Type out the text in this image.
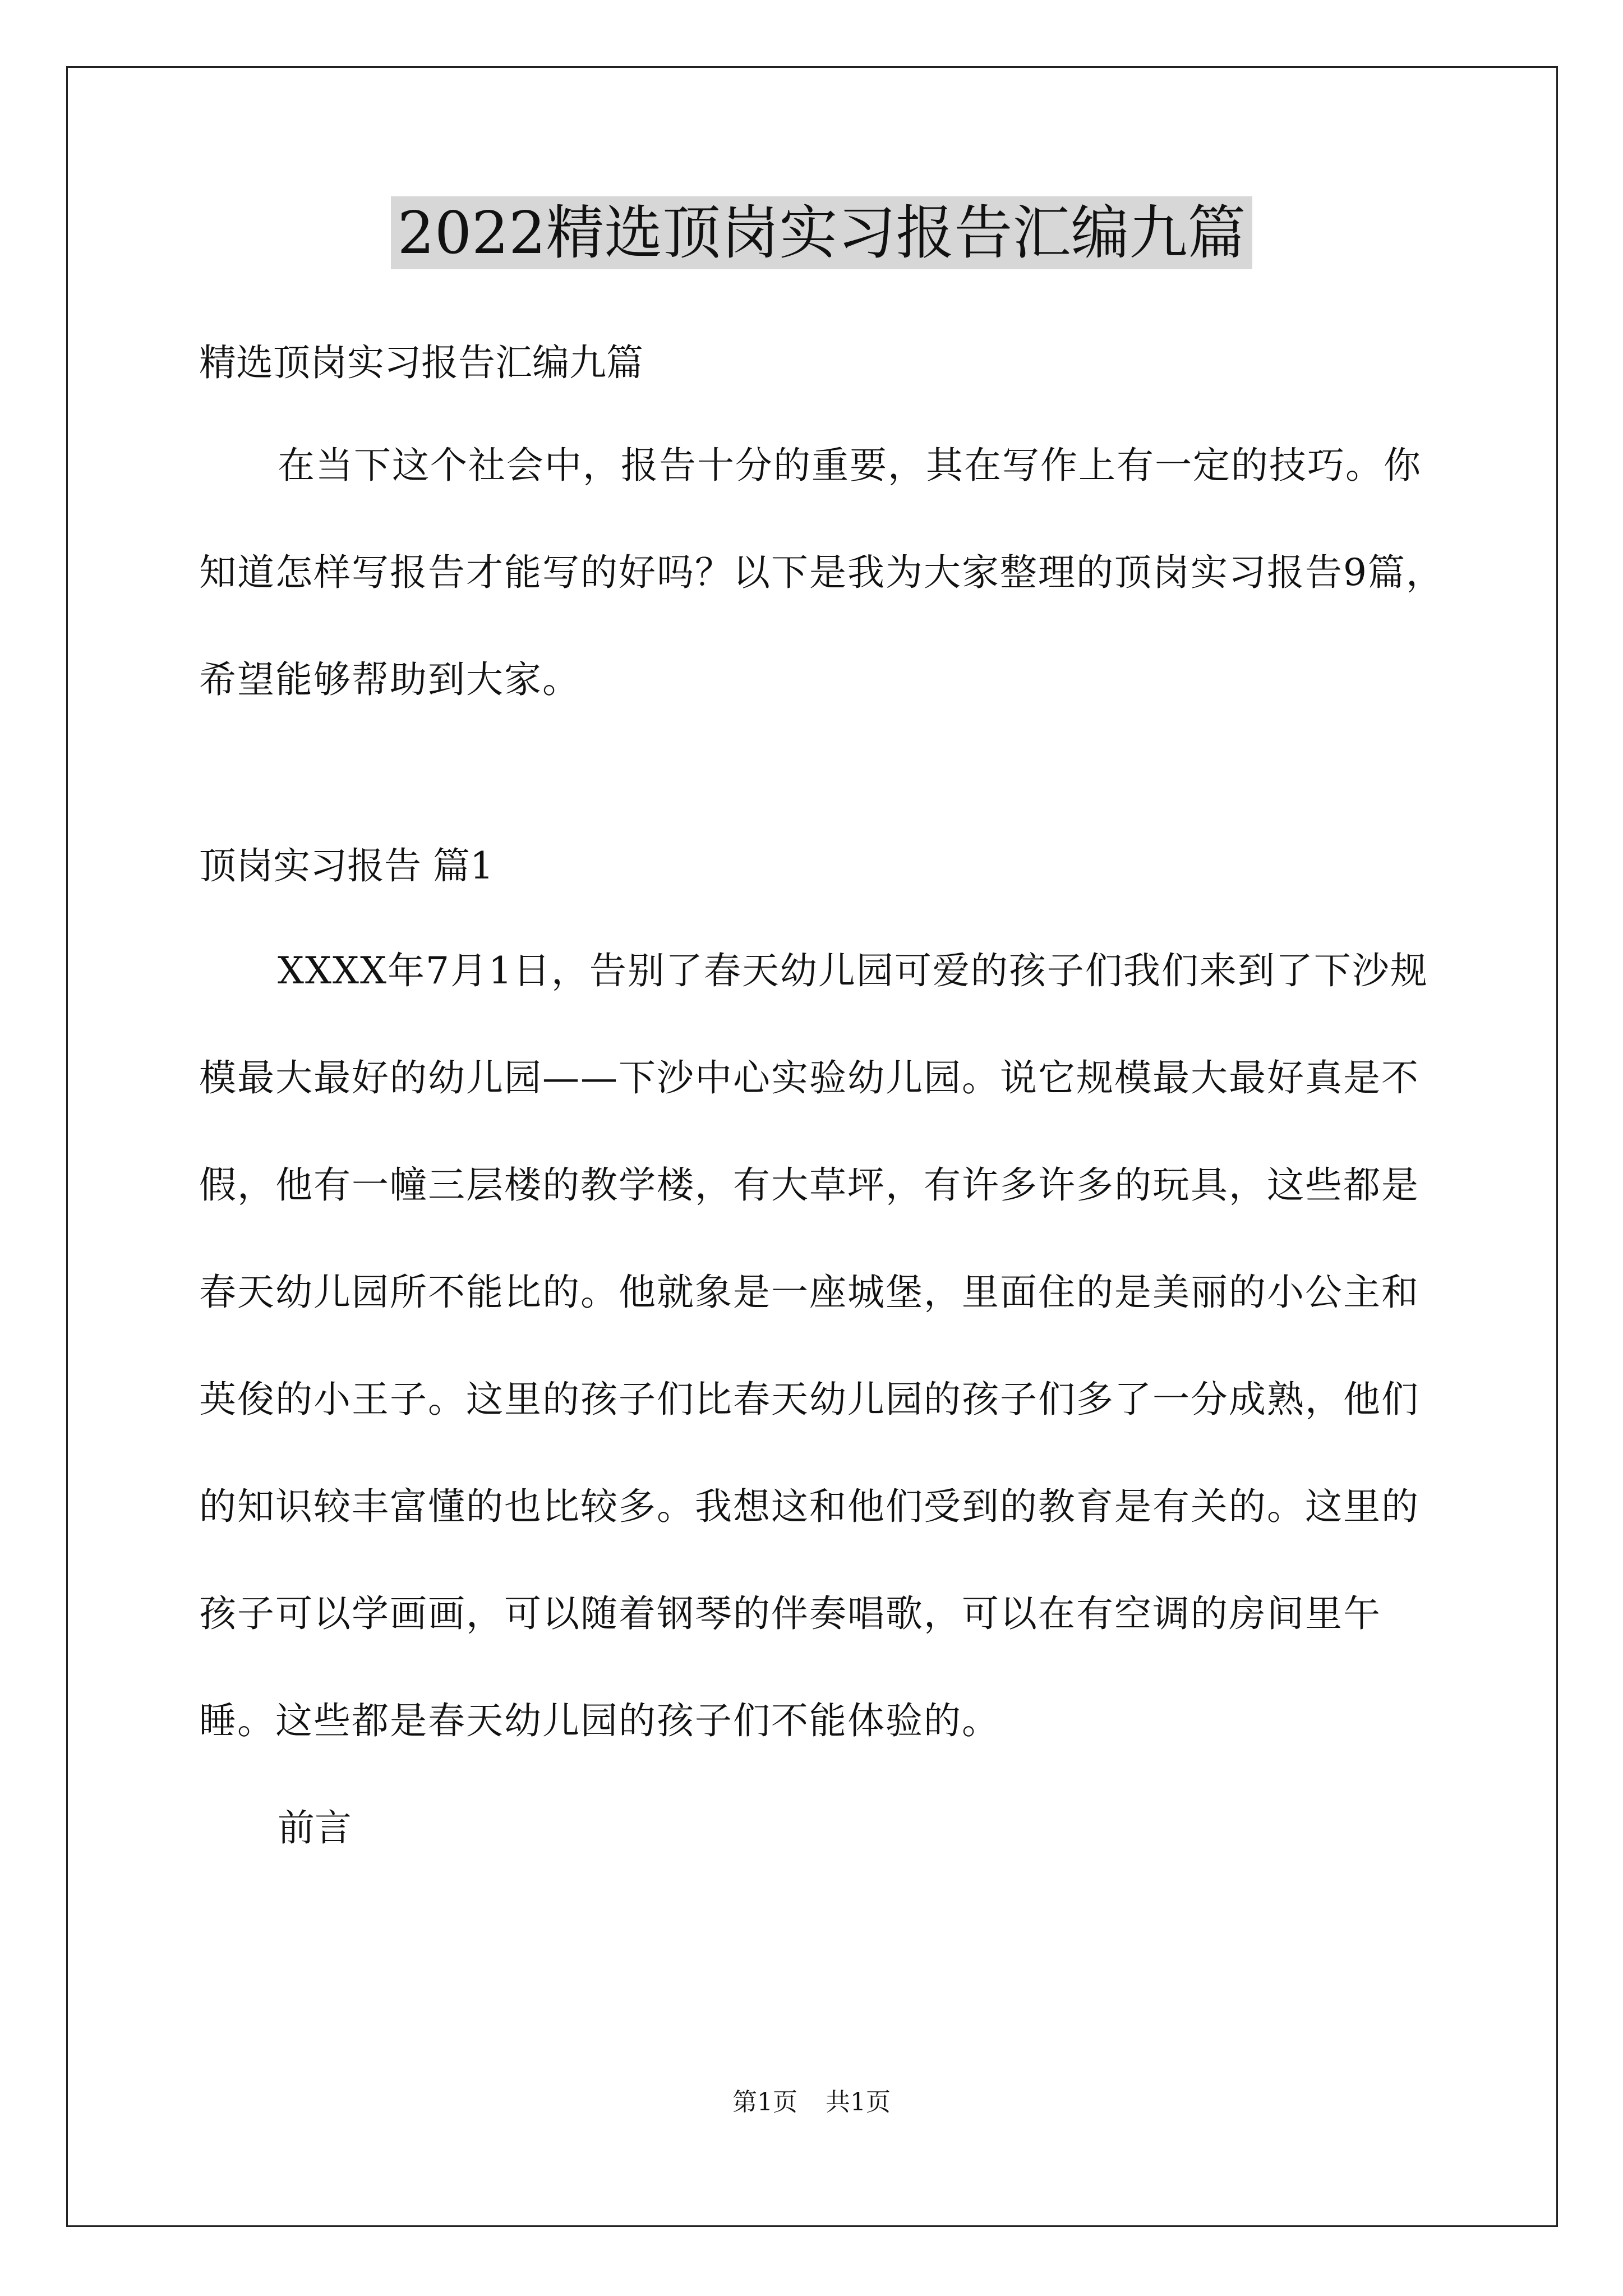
2022精选顶岗实习报告汇编九篇

精选顶岗实习报告汇编九篇

在当下这个社会中，报告十分的重要，其在写作上有一定的技巧。你知道怎样写报告才能写的好吗？以下是我为大家整理的顶岗实习报告9篇，希望能够帮助到大家。

顶岗实习报告 篇1

XXXX年7月1日，告别了春天幼儿园可爱的孩子们我们来到了下沙规模最大最好的幼儿园——下沙中心实验幼儿园。说它规模最大最好真是不假，他有一幢三层楼的教学楼，有大草坪，有许多许多的玩具，这些都是春天幼儿园所不能比的。他就象是一座城堡，里面住的是美丽的小公主和英俊的小王子。这里的孩子们比春天幼儿园的孩子们多了一分成熟，他们的知识较丰富懂的也比较多。我想这和他们受到的教育是有关的。这里的孩子可以学画画，可以随着钢琴的伴奏唱歌，可以在有空调的房间里午睡。这些都是春天幼儿园的孩子们不能体验的。

前言

第1页 共1页
